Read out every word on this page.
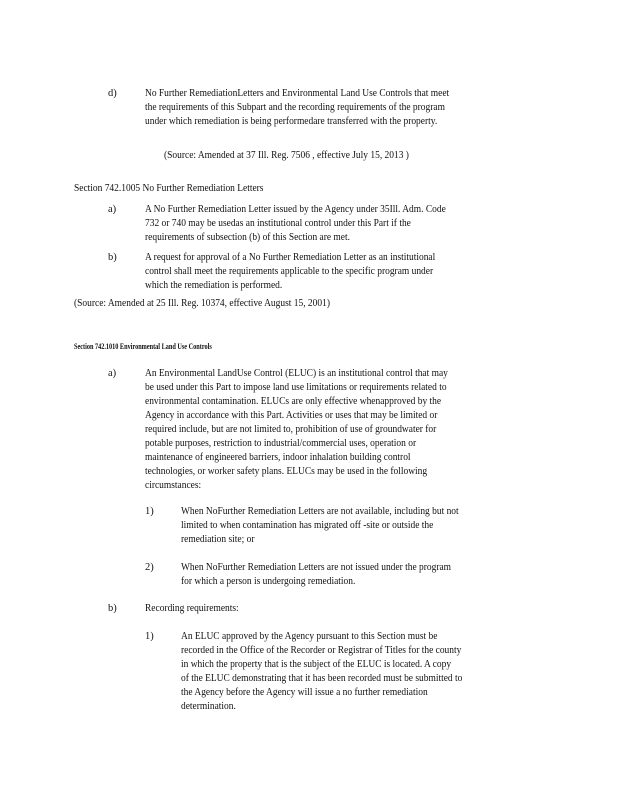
d)	No Further RemediationLetters and Environmental Land Use Controls that meet
the requirements of this Subpart and the recording requirements of the program
under which remediation is being performedare transferred with the property.
(Source: Amended at 37 Ill. Reg. 7506 , effective July 15, 2013 )
Section 742.1005 No Further Remediation Letters
a)	A No Further Remediation Letter issued by the Agency under 35Ill. Adm. Code
732 or 740 may be usedas an institutional control under this Part if the
requirements of subsection (b) of this Section are met.
b)	A request for approval of a No Further Remediation Letter as an institutional
control shall meet the requirements applicable to the specific program under
which the remediation is performed.
(Source: Amended at 25 Ill. Reg. 10374, effective August 15, 2001)
Section 742.1010 Environmental Land Use Controls
a)	An Environmental LandUse Control (ELUC) is an institutional control that may
be used under this Part to impose land use limitations or requirements related to
environmental contamination. ELUCs are only effective whenapproved by the
Agency in accordance with this Part. Activities or uses that may be limited or
required include, but are not limited to, prohibition of use of groundwater for
potable purposes, restriction to industrial/commercial uses, operation or
maintenance of engineered barriers, indoor inhalation building control
technologies, or worker safety plans. ELUCs may be used in the following
circumstances:
1)	When NoFurther Remediation Letters are not available, including but not
limited to when contamination has migrated off -site or outside the
remediation site; or
2)	When NoFurther Remediation Letters are not issued under the program
for which a person is undergoing remediation.
b)	Recording requirements:
1)	An ELUC approved by the Agency pursuant to this Section must be
recorded in the Office of the Recorder or Registrar of Titles for the county
in which the property that is the subject of the ELUC is located. A copy
of the ELUC demonstrating that it has been recorded must be submitted to
the Agency before the Agency will issue a no further remediation
determination.
